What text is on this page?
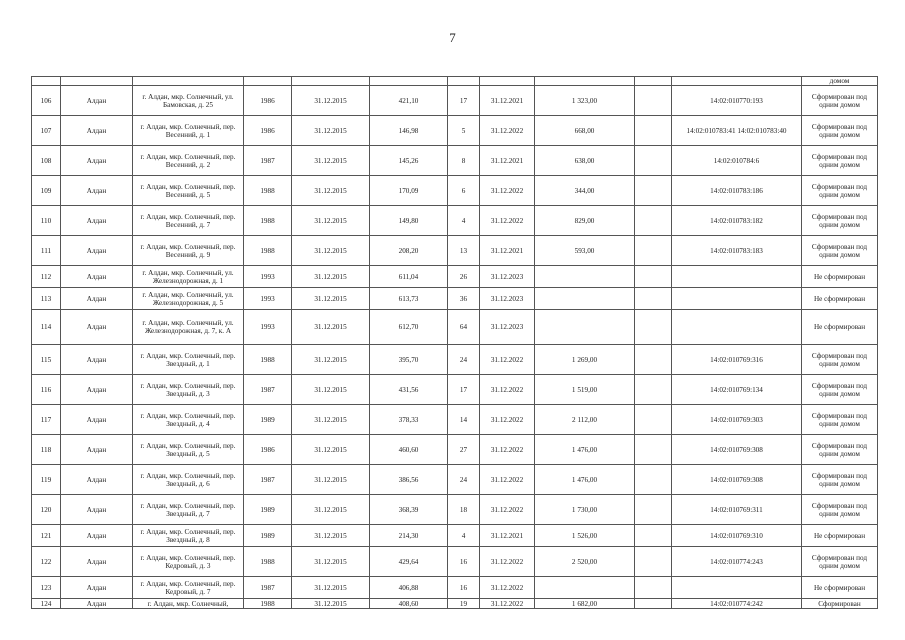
7
											домом
106	Алдан	г. Алдан, мкр. Солнечный, ул. Бамовская, д. 25	1986	31.12.2015	421,10	17	31.12.2021	1 323,00		14:02:010770:193	Сформирован под одним домом
107	Алдан	г. Алдан, мкр. Солнечный, пер. Весенний, д. 1	1986	31.12.2015	146,98	5	31.12.2022	668,00		14:02:010783:41 14:02:010783:40	Сформирован под одним домом
108	Алдан	г. Алдан, мкр. Солнечный, пер. Весенний, д. 2	1987	31.12.2015	145,26	8	31.12.2021	638,00		14:02:010784:6	Сформирован под одним домом
109	Алдан	г. Алдан, мкр. Солнечный, пер. Весенний, д. 5	1988	31.12.2015	170,09	6	31.12.2022	344,00		14:02:010783:186	Сформирован под одним домом
110	Алдан	г. Алдан, мкр. Солнечный, пер. Весенний, д. 7	1988	31.12.2015	149,80	4	31.12.2022	829,00		14:02:010783:182	Сформирован под одним домом
111	Алдан	г. Алдан, мкр. Солнечный, пер. Весенний, д. 9	1988	31.12.2015	208,20	13	31.12.2021	593,00		14:02:010783:183	Сформирован под одним домом
112	Алдан	г. Алдан, мкр. Солнечный, ул. Железнодорожная, д. 1	1993	31.12.2015	611,04	26	31.12.2023				Не сформирован
113	Алдан	г. Алдан, мкр. Солнечный, ул. Железнодорожная, д. 5	1993	31.12.2015	613,73	36	31.12.2023				Не сформирован
114	Алдан	г. Алдан, мкр. Солнечный, ул. Железнодорожная, д. 7, к. А	1993	31.12.2015	612,70	64	31.12.2023				Не сформирован
115	Алдан	г. Алдан, мкр. Солнечный, пер. Звездный, д. 1	1988	31.12.2015	395,70	24	31.12.2022	1 269,00		14:02:010769:316	Сформирован под одним домом
116	Алдан	г. Алдан, мкр. Солнечный, пер. Звездный, д. 3	1987	31.12.2015	431,56	17	31.12.2022	1 519,00		14:02:010769:134	Сформирован под одним домом
117	Алдан	г. Алдан, мкр. Солнечный, пер. Звездный, д. 4	1989	31.12.2015	378,33	14	31.12.2022	2 112,00		14:02:010769:303	Сформирован под одним домом
118	Алдан	г. Алдан, мкр. Солнечный, пер. Звездный, д. 5	1986	31.12.2015	460,60	27	31.12.2022	1 476,00		14:02:010769:308	Сформирован под одним домом
119	Алдан	г. Алдан, мкр. Солнечный, пер. Звездный, д. 6	1987	31.12.2015	386,56	24	31.12.2022	1 476,00		14:02:010769:308	Сформирован под одним домом
120	Алдан	г. Алдан, мкр. Солнечный, пер. Звездный, д. 7	1989	31.12.2015	368,39	18	31.12.2022	1 730,00		14:02:010769:311	Сформирован под одним домом
121	Алдан	г. Алдан, мкр. Солнечный, пер. Звездный, д. 8	1989	31.12.2015	214,30	4	31.12.2021	1 526,00		14:02:010769:310	Не сформирован
122	Алдан	г. Алдан, мкр. Солнечный, пер. Кедровый, д. 3	1988	31.12.2015	429,64	16	31.12.2022	2 520,00		14:02:010774:243	Сформирован под одним домом
123	Алдан	г. Алдан, мкр. Солнечный, пер. Кедровый, д. 7	1987	31.12.2015	406,88	16	31.12.2022				Не сформирован
124	Алдан	г. Алдан, мкр. Солнечный,	1988	31.12.2015	408,60	19	31.12.2022	1 682,00		14:02:010774:242	Сформирован
